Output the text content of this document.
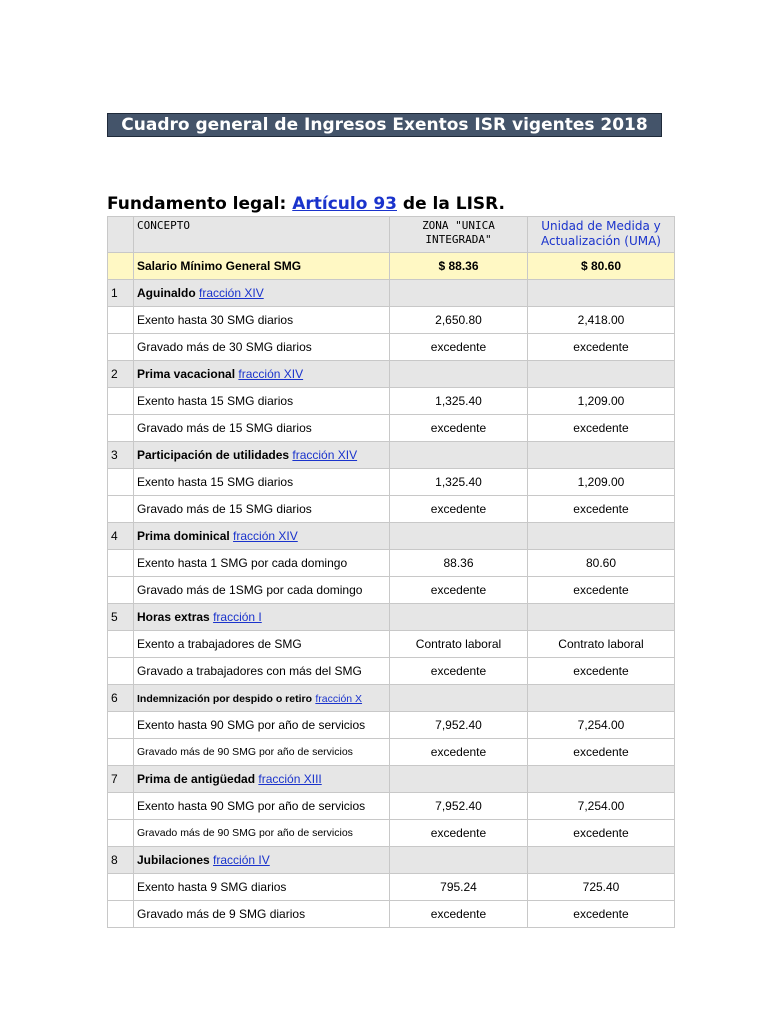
Cuadro general de Ingresos Exentos ISR vigentes 2018
Fundamento legal: Artículo 93 de la LISR.
	CONCEPTO	ZONA "UNICA
INTEGRADA"	Unidad de Medida y
Actualización (UMA)
	Salario Mínimo General SMG	$ 88.36	$ 80.60
1	Aguinaldo fracción XIV		
	Exento hasta 30 SMG diarios	2,650.80	2,418.00
	Gravado más de 30 SMG diarios	excedente	excedente
2	Prima vacacional fracción XIV		
	Exento hasta 15 SMG diarios	1,325.40	1,209.00
	Gravado más de 15 SMG diarios	excedente	excedente
3	Participación de utilidades fracción XIV		
	Exento hasta 15 SMG diarios	1,325.40	1,209.00
	Gravado más de 15 SMG diarios	excedente	excedente
4	Prima dominical fracción XIV		
	Exento hasta 1 SMG por cada domingo	88.36	80.60
	Gravado más de 1SMG por cada domingo	excedente	excedente
5	Horas extras fracción I		
	Exento a trabajadores de SMG	Contrato laboral	Contrato laboral
	Gravado a trabajadores con más del SMG	excedente	excedente
6	Indemnización por despido o retiro fracción X		
	Exento hasta 90 SMG por año de servicios	7,952.40	7,254.00
	Gravado más de 90 SMG por año de servicios	excedente	excedente
7	Prima de antigüedad fracción XIII		
	Exento hasta 90 SMG por año de servicios	7,952.40	7,254.00
	Gravado más de 90 SMG por año de servicios	excedente	excedente
8	Jubilaciones fracción IV		
	Exento hasta 9 SMG diarios	795.24	725.40
	Gravado más de 9 SMG diarios	excedente	excedente
